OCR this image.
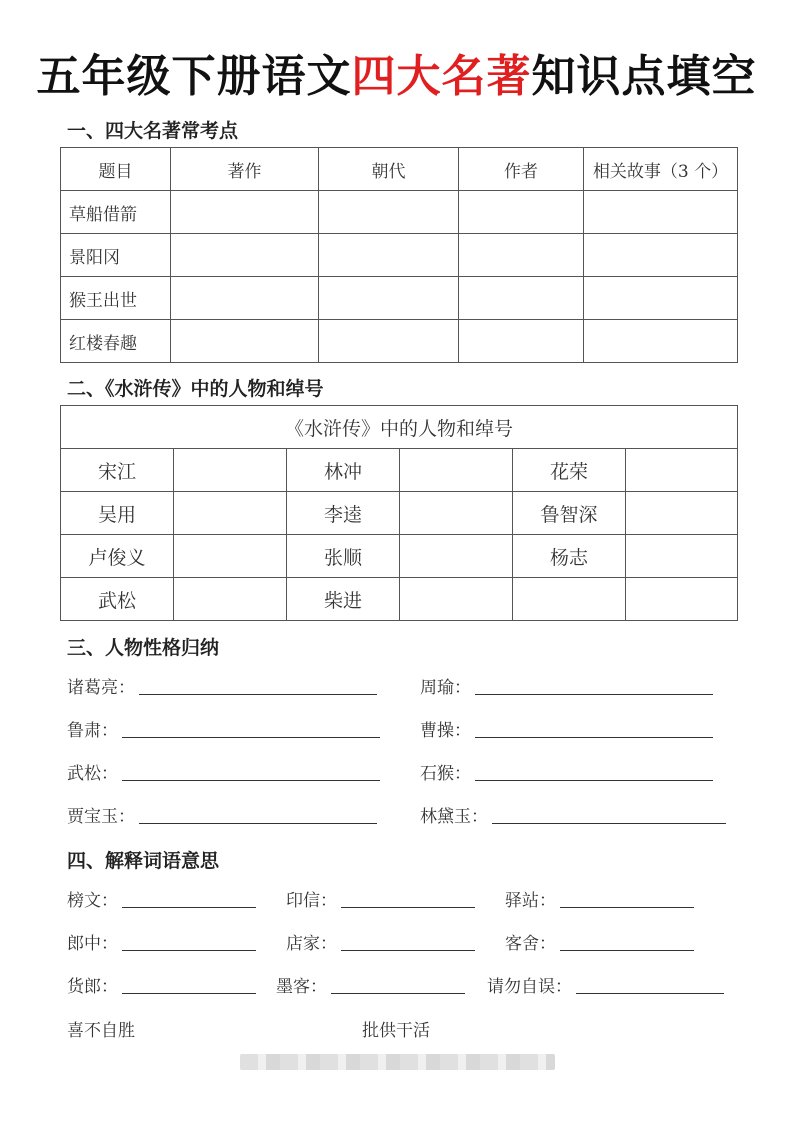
五年级下册语文四大名著知识点填空
一、四大名著常考点
题目	著作	朝代	作者	相关故事（3 个）
草船借箭				
景阳冈				
猴王出世				
红楼春趣				
二、《水浒传》中的人物和绰号
《水浒传》中的人物和绰号					
宋江		林冲		花荣	
吴用		李逵		鲁智深	
卢俊义		张顺		杨志	
武松		柴进			
三、人物性格归纳
诸葛亮：	周瑜：
鲁肃：	曹操：
武松：	石猴：
贾宝玉：	林黛玉：
四、解释词语意思
榜文：	印信：	驿站：
郎中：	店家：	客舍：
货郎：	墨客：	请勿自误：
喜不自胜	批供干活
